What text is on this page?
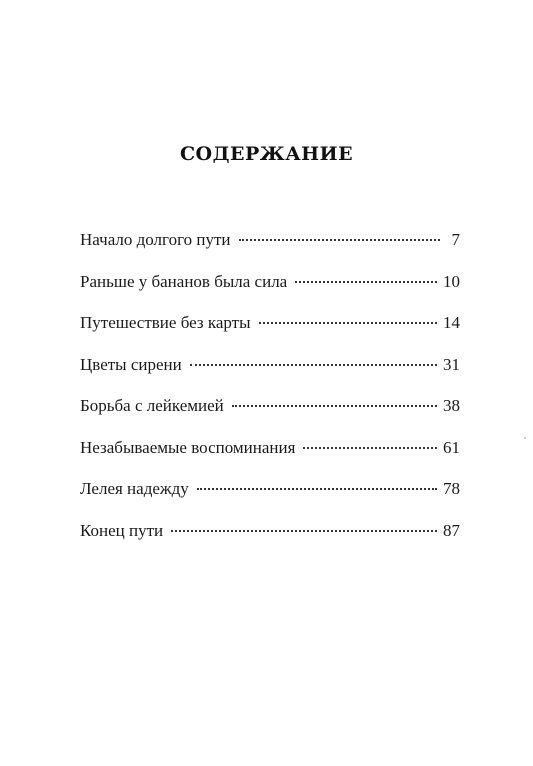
СОДЕРЖАНИЕ
Начало долгого пути	7
Раньше у бананов была сила	10
Путешествие без карты	14
Цветы сирени	31
Борьба с лейкемией	38
Незабываемые воспоминания	61
Лелея надежду	78
Конец пути	87
